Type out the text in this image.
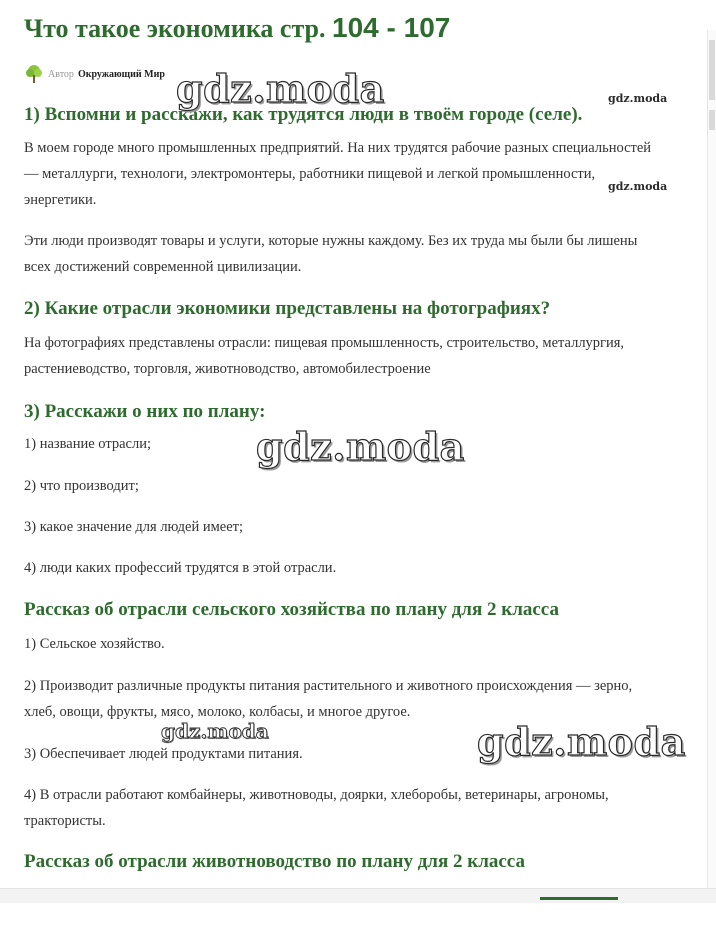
Что такое экономика стр. 104 - 107
Автор Окружающий Мир
1) Вспомни и расскажи, как трудятся люди в твоём городе (селе).

В моем городе много промышленных предприятий. На них трудятся рабочие разных специальностей — металлурги, технологи, электромонтеры, работники пищевой и легкой промышленности, энергетики.

Эти люди производят товары и услуги, которые нужны каждому. Без их труда мы были бы лишены всех достижений современной цивилизации.

2) Какие отрасли экономики представлены на фотографиях?

На фотографиях представлены отрасли: пищевая промышленность, строительство, металлургия, растениеводство, торговля, животноводство, автомобилестроение

3) Расскажи о них по плану:

1) название отрасли;

2) что производит;

3) какое значение для людей имеет;

4) люди каких профессий трудятся в этой отрасли.

Рассказ об отрасли сельского хозяйства по плану для 2 класса

1) Сельское хозяйство.

2) Производит различные продукты питания растительного и животного происхождения — зерно, хлеб, овощи, фрукты, мясо, молоко, колбасы, и многое другое.

3) Обеспечивает людей продуктами питания.

4) В отрасли работают комбайнеры, животноводы, доярки, хлеборобы, ветеринары, агрономы, трактористы.

Рассказ об отрасли животноводство по плану для 2 класса
gdz.moda	gdz.moda
gdz.moda
gdz.moda
gdz.moda	gdz.moda
